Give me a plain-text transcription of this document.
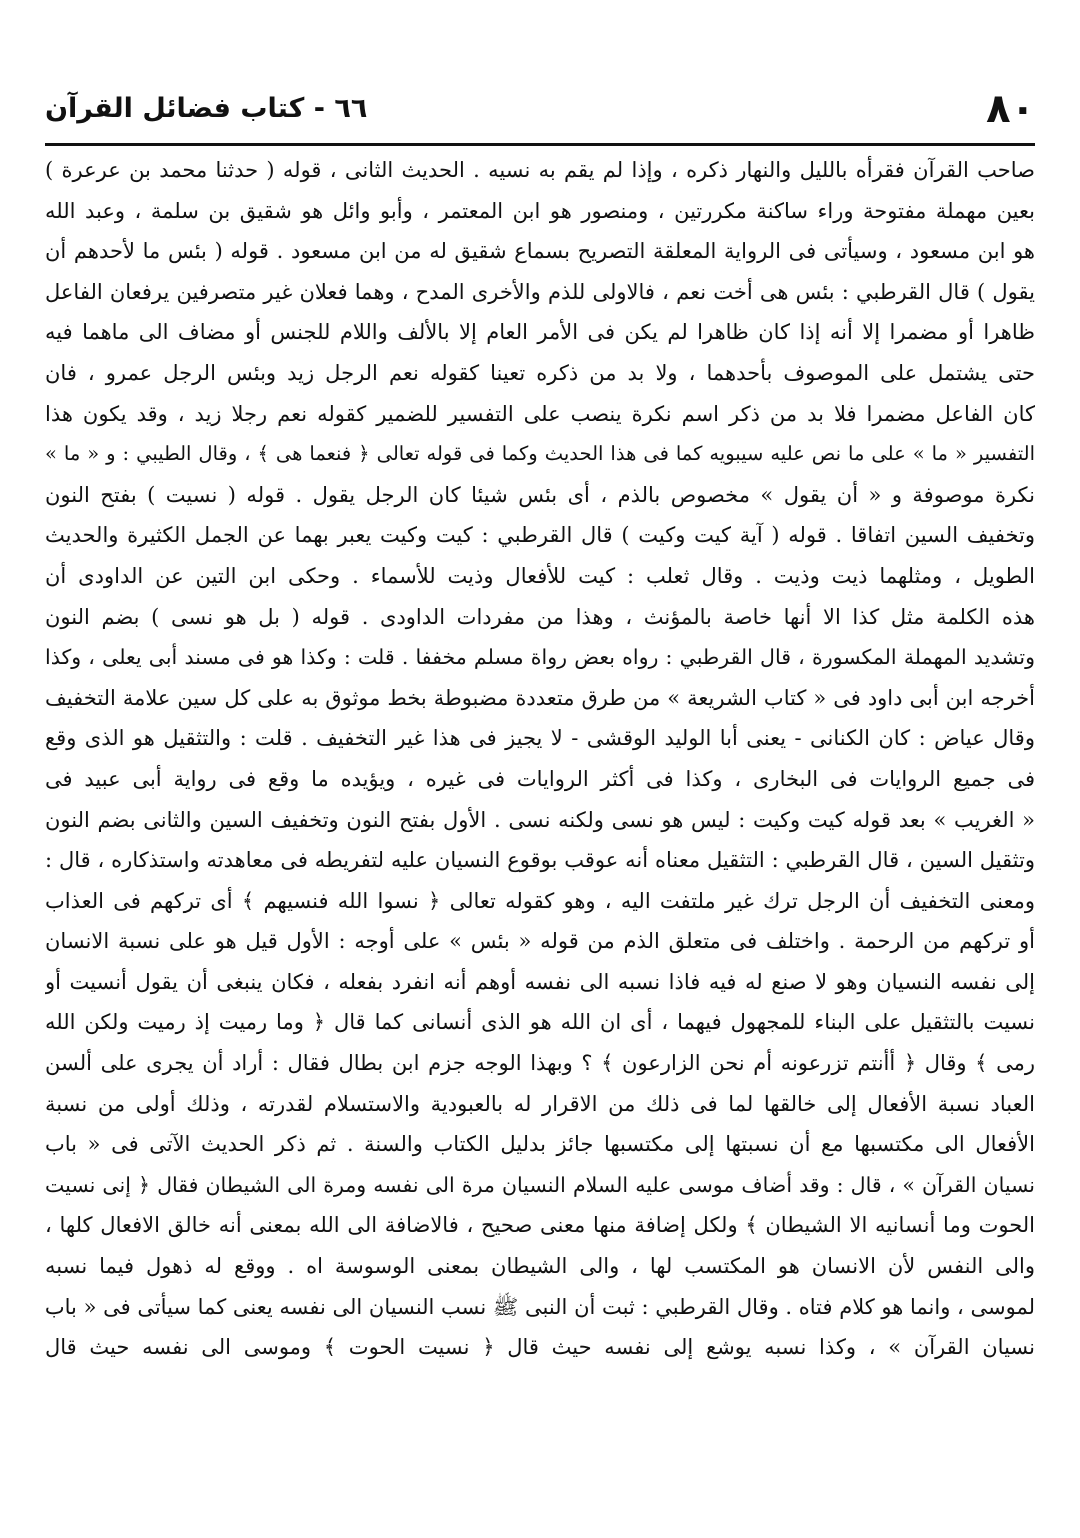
٨٠
٦٦ - كتاب فضائل القرآن
صاحب القرآن فقرأه بالليل والنهار ذكره ، وإذا لم يقم به نسيه . الحديث الثانى ، قوله ( حدثنا محمد بن عرعرة )
بعين مهملة مفتوحة وراء ساكنة مكررتين ، ومنصور هو ابن المعتمر ، وأبو وائل هو شقيق بن سلمة ، وعبد الله
هو ابن مسعود ، وسيأتى فى الرواية المعلقة التصريح بسماع شقيق له من ابن مسعود . قوله ( بئس ما لأحدهم أن
يقول ) قال القرطبي : بئس هى أخت نعم ، فالاولى للذم والأخرى المدح ، وهما فعلان غير متصرفين يرفعان الفاعل
ظاهرا أو مضمرا إلا أنه إذا كان ظاهرا لم يكن فى الأمر العام إلا بالألف واللام للجنس أو مضاف الى ماهما فيه
حتى يشتمل على الموصوف بأحدهما ، ولا بد من ذكره تعينا كقوله نعم الرجل زيد وبئس الرجل عمرو ، فان
كان الفاعل مضمرا فلا بد من ذكر اسم نكرة ينصب على التفسير للضمير كقوله نعم رجلا زيد ، وقد يكون هذا
التفسير « ما » على ما نص عليه سيبويه كما فى هذا الحديث وكما فى قوله تعالى ﴿ فنعما هى ﴾ ، وقال الطيبي : و « ما »
نكرة موصوفة و « أن يقول » مخصوص بالذم ، أى بئس شيئا كان الرجل يقول . قوله ( نسيت ) بفتح النون
وتخفيف السين اتفاقا . قوله ( آية كيت وكيت ) قال القرطبي : كيت وكيت يعبر بهما عن الجمل الكثيرة والحديث
الطويل ، ومثلهما ذيت وذيت . وقال ثعلب : كيت للأفعال وذيت للأسماء . وحكى ابن التين عن الداودى أن
هذه الكلمة مثل كذا الا أنها خاصة بالمؤنث ، وهذا من مفردات الداودى . قوله ( بل هو نسى ) بضم النون
وتشديد المهملة المكسورة ، قال القرطبي : رواه بعض رواة مسلم مخففا . قلت : وكذا هو فى مسند أبى يعلى ، وكذا
أخرجه ابن أبى داود فى « كتاب الشريعة » من طرق متعددة مضبوطة بخط موثوق به على كل سين علامة التخفيف
وقال عياض : كان الكنانى - يعنى أبا الوليد الوقشى - لا يجيز فى هذا غير التخفيف . قلت : والتثقيل هو الذى وقع
فى جميع الروايات فى البخارى ، وكذا فى أكثر الروايات فى غيره ، ويؤيده ما وقع فى رواية أبى عبيد فى
« الغريب » بعد قوله كيت وكيت : ليس هو نسى ولكنه نسى . الأول بفتح النون وتخفيف السين والثانى بضم النون
وتثقيل السين ، قال القرطبي : التثقيل معناه أنه عوقب بوقوع النسيان عليه لتفريطه فى معاهدته واستذكاره ، قال :
ومعنى التخفيف أن الرجل ترك غير ملتفت اليه ، وهو كقوله تعالى ﴿ نسوا الله فنسيهم ﴾ أى تركهم فى العذاب
أو تركهم من الرحمة . واختلف فى متعلق الذم من قوله « بئس » على أوجه : الأول قيل هو على نسبة الانسان
إلى نفسه النسيان وهو لا صنع له فيه فاذا نسبه الى نفسه أوهم أنه انفرد بفعله ، فكان ينبغى أن يقول أنسيت أو
نسيت بالتثقيل على البناء للمجهول فيهما ، أى ان الله هو الذى أنسانى كما قال ﴿ وما رميت إذ رميت ولكن الله
رمى ﴾ وقال ﴿ أأنتم تزرعونه أم نحن الزارعون ﴾ ؟ وبهذا الوجه جزم ابن بطال فقال : أراد أن يجرى على ألسن
العباد نسبة الأفعال إلى خالقها لما فى ذلك من الاقرار له بالعبودية والاستسلام لقدرته ، وذلك أولى من نسبة
الأفعال الى مكتسبها مع أن نسبتها إلى مكتسبها جائز بدليل الكتاب والسنة . ثم ذكر الحديث الآتى فى « باب
نسيان القرآن » ، قال : وقد أضاف موسى عليه السلام النسيان مرة الى نفسه ومرة الى الشيطان فقال ﴿ إنى نسيت
الحوت وما أنسانيه الا الشيطان ﴾ ولكل إضافة منها معنى صحيح ، فالاضافة الى الله بمعنى أنه خالق الافعال كلها ،
والى النفس لأن الانسان هو المكتسب لها ، والى الشيطان بمعنى الوسوسة اه . ووقع له ذهول فيما نسبه
لموسى ، وانما هو كلام فتاه . وقال القرطبي : ثبت أن النبى ﷺ نسب النسيان الى نفسه يعنى كما سيأتى فى « باب
نسيان القرآن » ، وكذا نسبه يوشع إلى نفسه حيث قال ﴿ نسيت الحوت ﴾ وموسى الى نفسه حيث قال
